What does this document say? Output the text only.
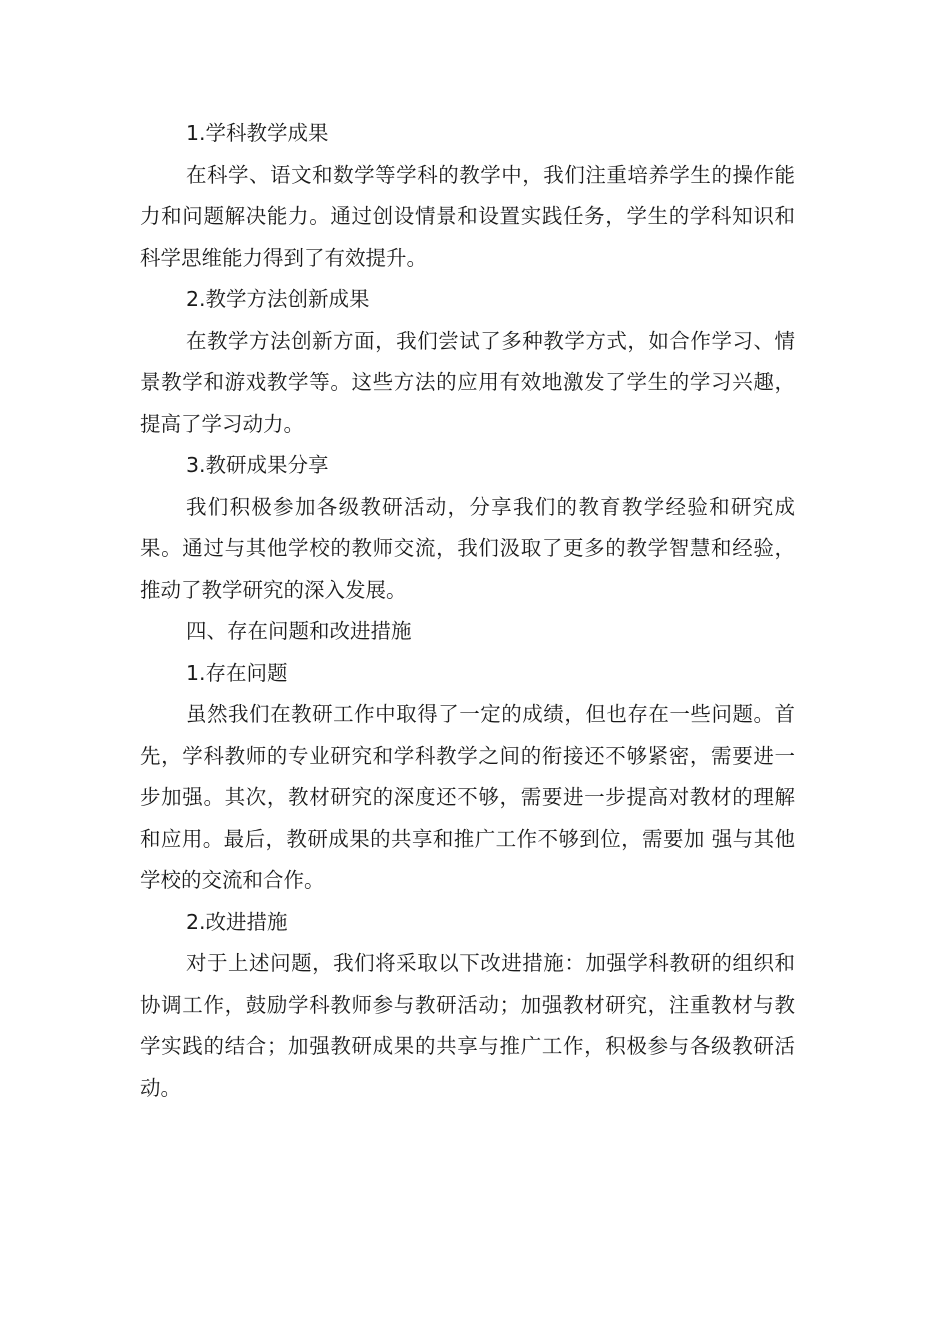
1.学科教学成果

在科学、语文和数学等学科的教学中，我们注重培养学生的操作能力和问题解决能力。通过创设情景和设置实践任务，学生的学科知识和科学思维能力得到了有效提升。

2.教学方法创新成果

在教学方法创新方面，我们尝试了多种教学方式，如合作学习、情景教学和游戏教学等。这些方法的应用有效地激发了学生的学习兴趣，提高了学习动力。

3.教研成果分享

我们积极参加各级教研活动，分享我们的教育教学经验和研究成果。通过与其他学校的教师交流，我们汲取了更多的教学智慧和经验，推动了教学研究的深入发展。

四、存在问题和改进措施

1.存在问题

虽然我们在教研工作中取得了一定的成绩，但也存在一些问题。首先，学科教师的专业研究和学科教学之间的衔接还不够紧密，需要进一步加强。其次，教材研究的深度还不够，需要进一步提高对教材的理解和应用。最后，教研成果的共享和推广工作不够到位，需要加 强与其他学校的交流和合作。

2.改进措施

对于上述问题，我们将采取以下改进措施：加强学科教研的组织和协调工作，鼓励学科教师参与教研活动；加强教材研究，注重教材与教学实践的结合；加强教研成果的共享与推广工作，积极参与各级教研活动。
